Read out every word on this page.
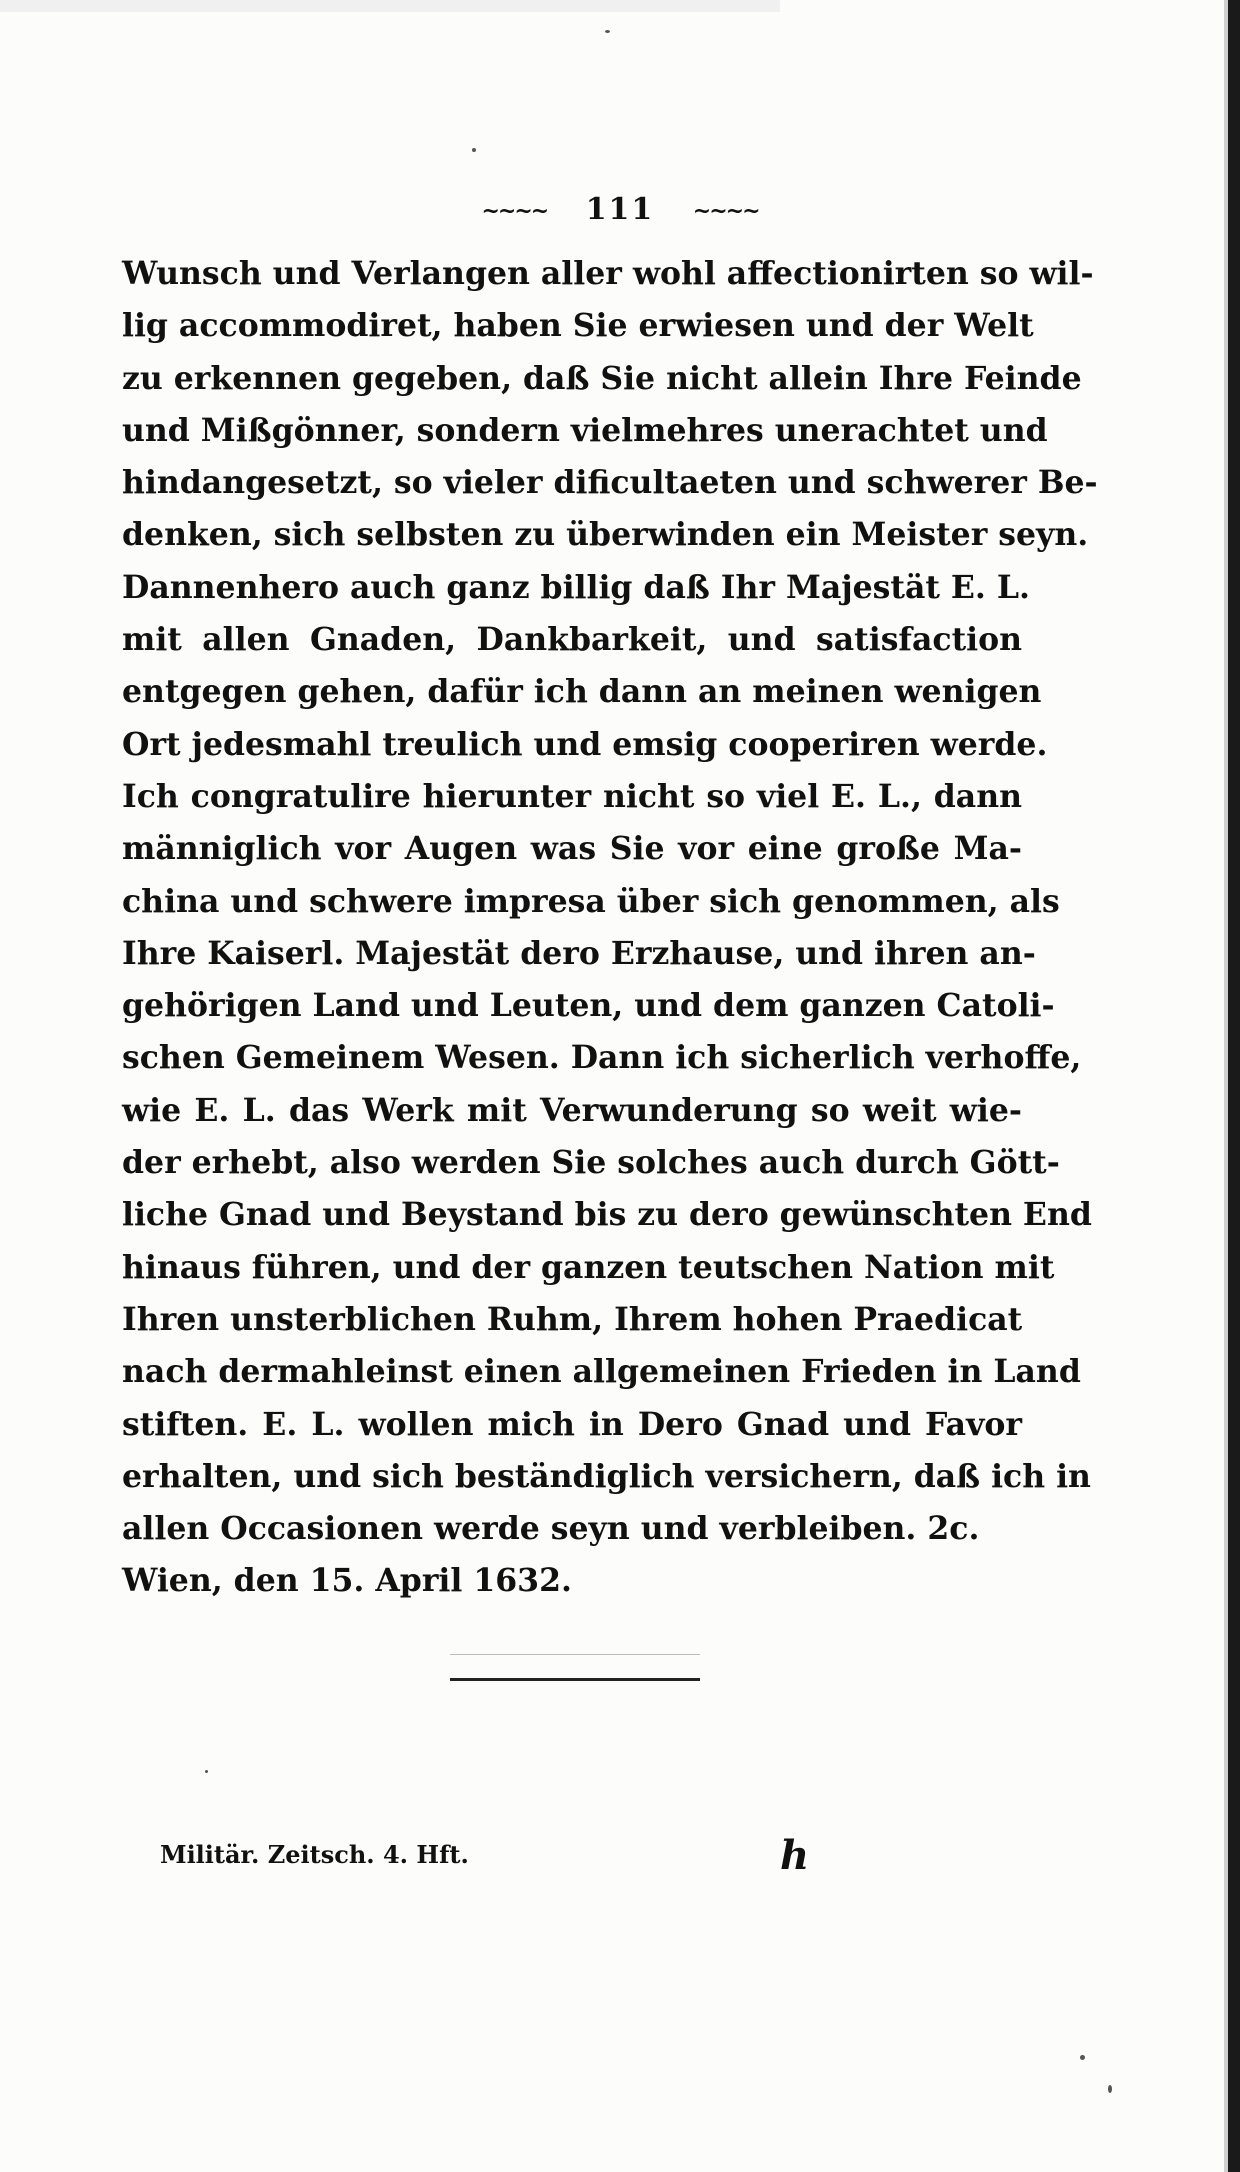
~~~~ 111 ~~~~
Wunsch und Verlangen aller wohl affectionirten so wil-
lig accommodiret, haben Sie erwiesen und der Welt
zu erkennen gegeben, daß Sie nicht allein Ihre Feinde
und Mißgönner, sondern vielmehres unerachtet und
hindangesetzt, so vieler dificultaeten und schwerer Be-
denken, sich selbsten zu überwinden ein Meister seyn.
Dannenhero auch ganz billig daß Ihr Majestät E. L.
mit allen Gnaden, Dankbarkeit, und satisfaction
entgegen gehen, dafür ich dann an meinen wenigen
Ort jedesmahl treulich und emsig cooperiren werde.
Ich congratulire hierunter nicht so viel E. L., dann
männiglich vor Augen was Sie vor eine große Ma-
china und schwere impresa über sich genommen, als
Ihre Kaiserl. Majestät dero Erzhause, und ihren an-
gehörigen Land und Leuten, und dem ganzen Catoli-
schen Gemeinem Wesen. Dann ich sicherlich verhoffe,
wie E. L. das Werk mit Verwunderung so weit wie-
der erhebt, also werden Sie solches auch durch Gött-
liche Gnad und Beystand bis zu dero gewünschten End
hinaus führen, und der ganzen teutschen Nation mit
Ihren unsterblichen Ruhm, Ihrem hohen Praedicat
nach dermahleinst einen allgemeinen Frieden in Land
stiften. E. L. wollen mich in Dero Gnad und Favor
erhalten, und sich beständiglich versichern, daß ich in
allen Occasionen werde seyn und verbleiben. 2c.
Wien, den 15. April 1632.
Militär. Zeitsch. 4. Hft.	h
